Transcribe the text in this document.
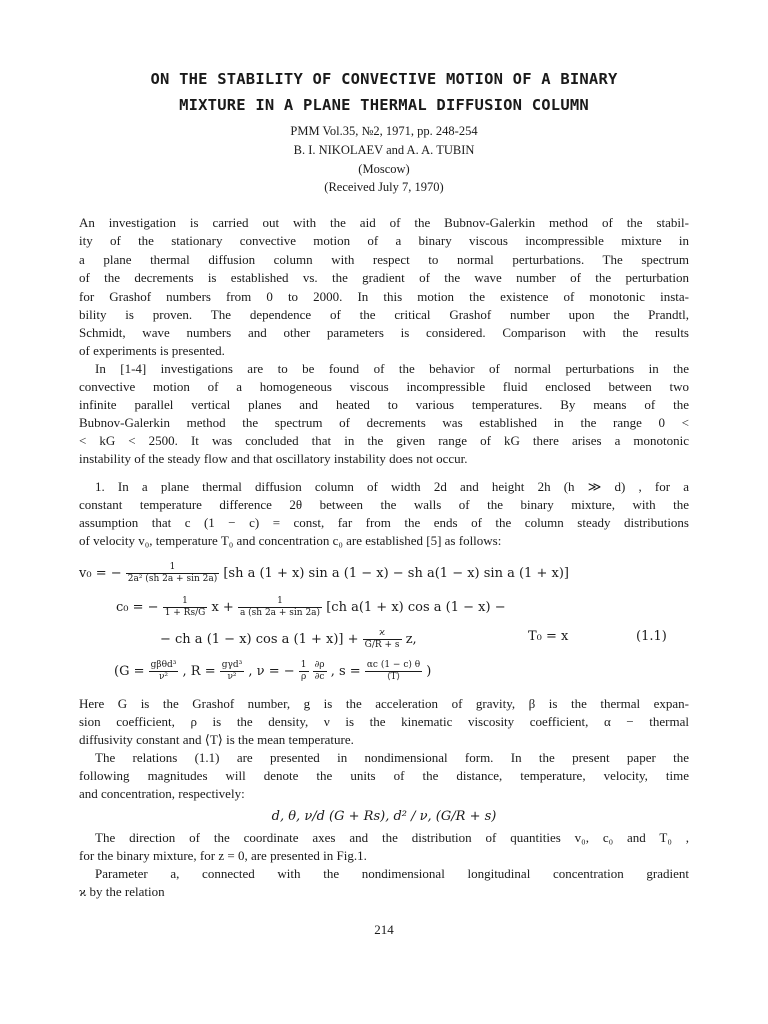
ON THE STABILITY OF CONVECTIVE MOTION OF A BINARY
MIXTURE IN A PLANE THERMAL DIFFUSION COLUMN
PMM Vol.35, №2, 1971, pp. 248-254
B. I. NIKOLAEV and A. A. TUBIN
(Moscow)
(Received July 7, 1970)
An investigation is carried out with the aid of the Bubnov-Galerkin method of the stabil-
ity of the stationary convective motion of a binary viscous incompressible mixture in
a plane thermal diffusion column with respect to normal perturbations. The spectrum
of the decrements is established vs. the gradient of the wave number of the perturbation
for Grashof numbers from 0 to 2000. In this motion the existence of monotonic insta-
bility is proven. The dependence of the critical Grashof number upon the Prandtl,
Schmidt, wave numbers and other parameters is considered. Comparison with the results
of experiments is presented.
In [1-4] investigations are to be found of the behavior of normal perturbations in the
convective motion of a homogeneous viscous incompressible fluid enclosed between two
infinite parallel vertical planes and heated to various temperatures. By means of the
Bubnov-Galerkin method the spectrum of decrements was established in the range 0 <
< kG < 2500. It was concluded that in the given range of kG there arises a monotonic
instability of the steady flow and that oscillatory instability does not occur.
1. In a plane thermal diffusion column of width 2d and height 2h (h ≫ d) , for a
constant temperature difference 2θ between the walls of the binary mixture, with the
assumption that c (1 − c) = const, far from the ends of the column steady distributions
of velocity v₀, temperature T₀ and concentration c₀ are established [5] as follows:
v₀ = − $\frac{1}{\text{2a² (sh 2a + sin 2a)}} [sh$ a (1 + x) sin a (1 − x) − sh a(1 − x) sin a (1 + x)]
c₀ = − $\frac{1}{1 + Rs/G}$ $x + \frac{1}{a (sh 2a + \sin 2a)} [ch$ a(1 + x) cos a (1 − x) −
− ch a (1 − x) cos a $(1 + x)] + \frac{ϰ}{G/R + s} z$,	T₀ = x	(1.1)
($G = \frac{\text{gβθd³}}{\text{ν²}}$ , $R = \frac{\text{gγd³}}{\text{ν²}}$ , ν = − $\frac{1}{\rho}$
$\frac{\partial\rho}{\partial c}$ , $s = \frac{\alpha c (1 - c) \theta}{⟨T⟩}$ )
Here G is the Grashof number, g is the acceleration of gravity, β is the thermal expan-
sion coefficient, ρ is the density, ν is the kinematic viscosity coefficient, α − thermal
diffusivity constant and ⟨T⟩ is the mean temperature.
The relations (1.1) are presented in nondimensional form. In the present paper the
following magnitudes will denote the units of the distance, temperature, velocity, time
and concentration, respectively:
d, θ, ν/d (G + Rs), d² / ν, (G/R + s)
The direction of the coordinate axes and the distribution of quantities v₀, c₀ and T₀ ,
for the binary mixture, for z = 0, are presented in Fig.1.
Parameter a, connected with the nondimensional longitudinal concentration gradient
ϰ by the relation
214
